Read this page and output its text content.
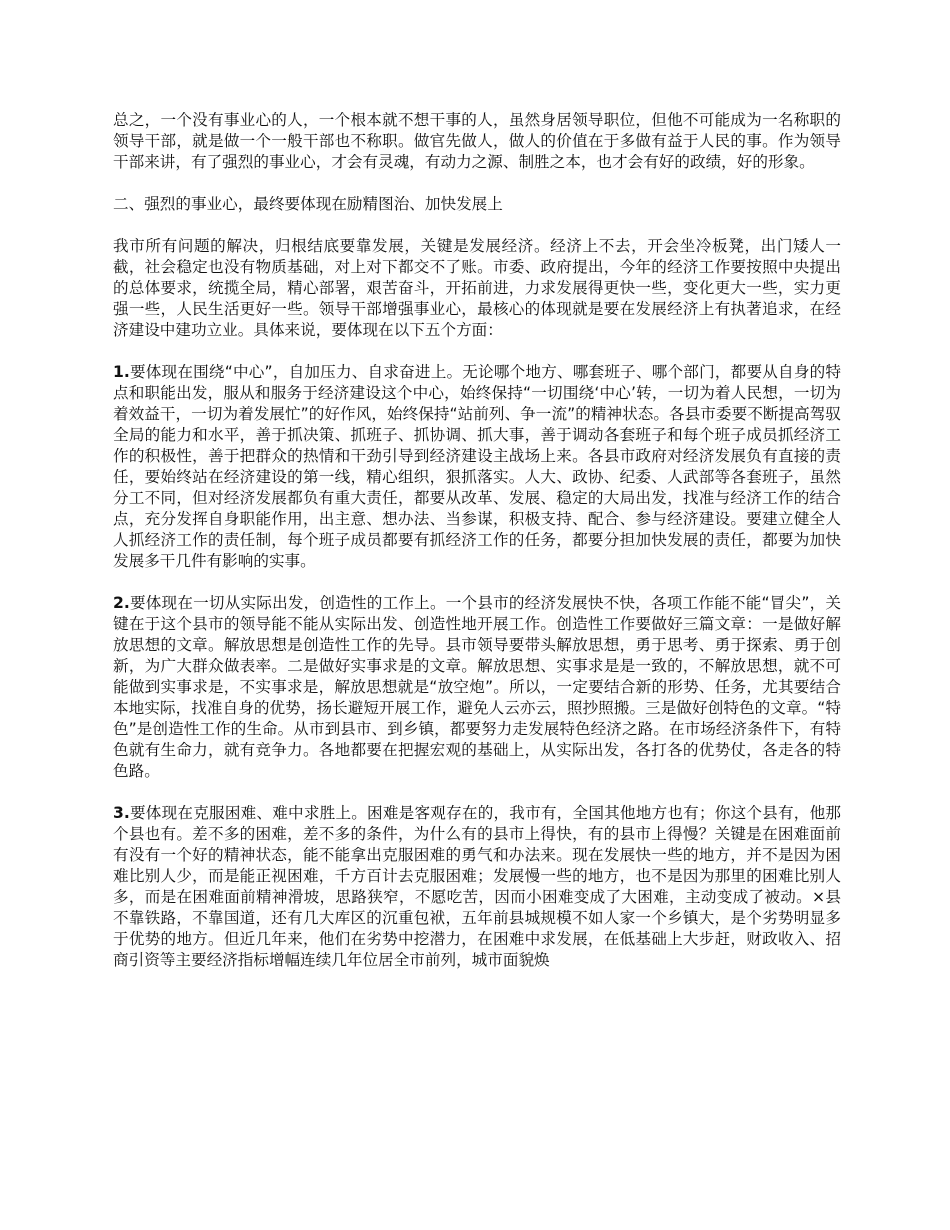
总之，一个没有事业心的人，一个根本就不想干事的人，虽然身居领导职位，但他不可能成为一名称职的领导干部，就是做一个一般干部也不称职。做官先做人，做人的价值在于多做有益于人民的事。作为领导干部来讲，有了强烈的事业心，才会有灵魂，有动力之源、制胜之本，也才会有好的政绩，好的形象。

二、强烈的事业心，最终要体现在励精图治、加快发展上

我市所有问题的解决，归根结底要靠发展，关键是发展经济。经济上不去，开会坐冷板凳，出门矮人一截，社会稳定也没有物质基础，对上对下都交不了账。市委、政府提出，今年的经济工作要按照中央提出的总体要求，统揽全局，精心部署，艰苦奋斗，开拓前进，力求发展得更快一些，变化更大一些，实力更强一些，人民生活更好一些。领导干部增强事业心，最核心的体现就是要在发展经济上有执著追求，在经济建设中建功立业。具体来说，要体现在以下五个方面：

1.要体现在围绕“中心”，自加压力、自求奋进上。无论哪个地方、哪套班子、哪个部门，都要从自身的特点和职能出发，服从和服务于经济建设这个中心，始终保持“一切围绕‘中心’转，一切为着人民想，一切为着效益干，一切为着发展忙”的好作风，始终保持“站前列、争一流”的精神状态。各县市委要不断提高驾驭全局的能力和水平，善于抓决策、抓班子、抓协调、抓大事，善于调动各套班子和每个班子成员抓经济工作的积极性，善于把群众的热情和干劲引导到经济建设主战场上来。各县市政府对经济发展负有直接的责任，要始终站在经济建设的第一线，精心组织，狠抓落实。人大、政协、纪委、人武部等各套班子，虽然分工不同，但对经济发展都负有重大责任，都要从改革、发展、稳定的大局出发，找准与经济工作的结合点，充分发挥自身职能作用，出主意、想办法、当参谋，积极支持、配合、参与经济建设。要建立健全人人抓经济工作的责任制，每个班子成员都要有抓经济工作的任务，都要分担加快发展的责任，都要为加快发展多干几件有影响的实事。

2.要体现在一切从实际出发，创造性的工作上。一个县市的经济发展快不快，各项工作能不能“冒尖”，关键在于这个县市的领导能不能从实际出发、创造性地开展工作。创造性工作要做好三篇文章：一是做好解放思想的文章。解放思想是创造性工作的先导。县市领导要带头解放思想，勇于思考、勇于探索、勇于创新，为广大群众做表率。二是做好实事求是的文章。解放思想、实事求是是一致的，不解放思想，就不可能做到实事求是，不实事求是，解放思想就是“放空炮”。所以，一定要结合新的形势、任务，尤其要结合本地实际，找准自身的优势，扬长避短开展工作，避免人云亦云，照抄照搬。三是做好创特色的文章。“特色”是创造性工作的生命。从市到县市、到乡镇，都要努力走发展特色经济之路。在市场经济条件下，有特色就有生命力，就有竞争力。各地都要在把握宏观的基础上，从实际出发，各打各的优势仗，各走各的特色路。

3.要体现在克服困难、难中求胜上。困难是客观存在的，我市有，全国其他地方也有；你这个县有，他那个县也有。差不多的困难，差不多的条件，为什么有的县市上得快，有的县市上得慢？关键是在困难面前有没有一个好的精神状态，能不能拿出克服困难的勇气和办法来。现在发展快一些的地方，并不是因为困难比别人少，而是能正视困难，千方百计去克服困难；发展慢一些的地方，也不是因为那里的困难比别人多，而是在困难面前精神滑坡，思路狭窄，不愿吃苦，因而小困难变成了大困难，主动变成了被动。×县不靠铁路，不靠国道，还有几大库区的沉重包袱，五年前县城规模不如人家一个乡镇大，是个劣势明显多于优势的地方。但近几年来，他们在劣势中挖潜力，在困难中求发展，在低基础上大步赶，财政收入、招商引资等主要经济指标增幅连续几年位居全市前列，城市面貌焕
